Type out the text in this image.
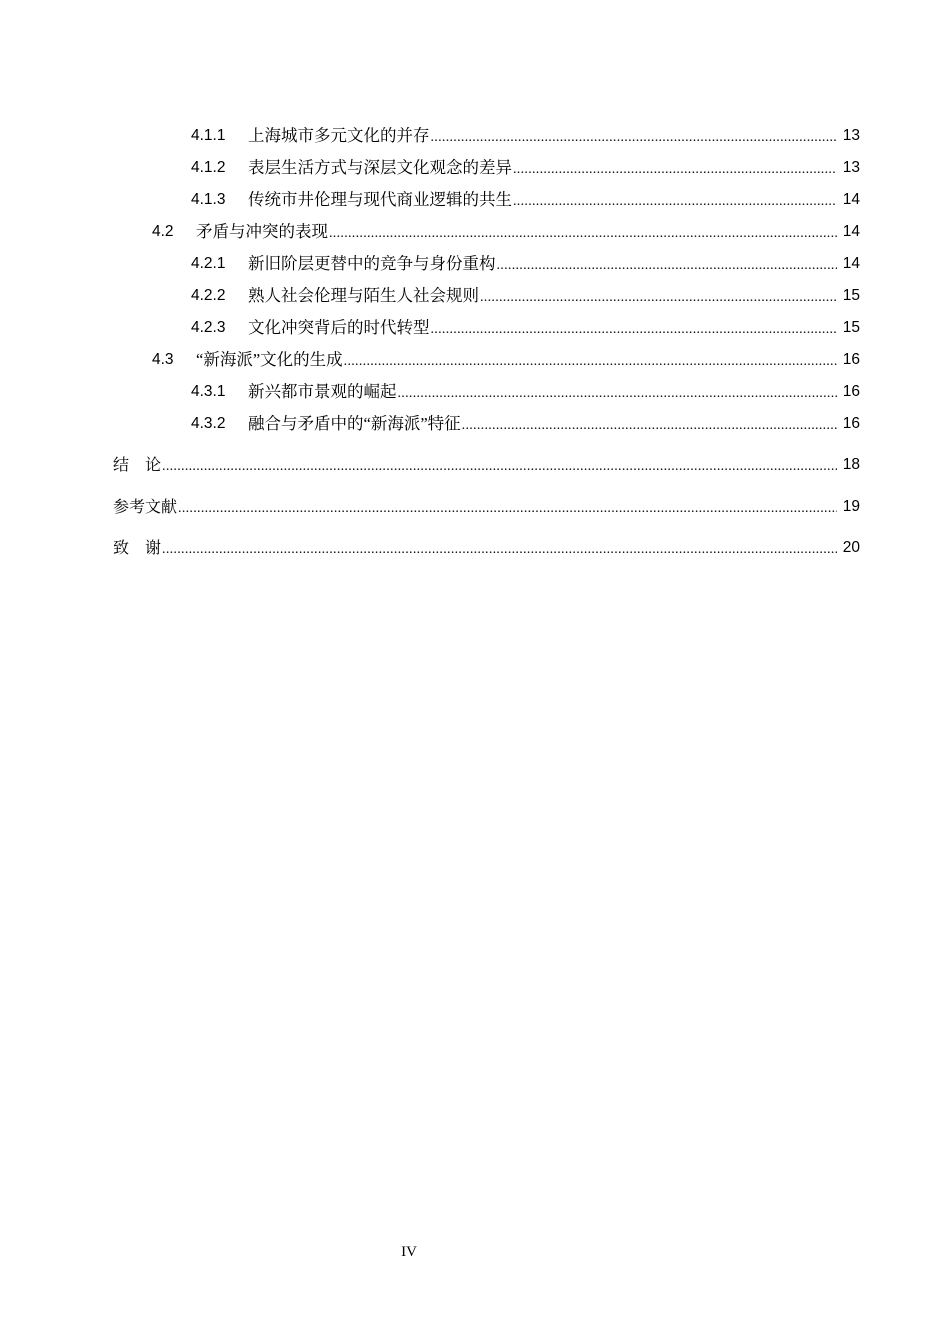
4.1.1	上海城市多元文化的并存 .....	13
4.1.2	表层生活方式与深层文化观念的差异 .....	13
4.1.3	传统市井伦理与现代商业逻辑的共生 .....	14
4.2	矛盾与冲突的表现 .....	14
4.2.1	新旧阶层更替中的竞争与身份重构 .....	14
4.2.2	熟人社会伦理与陌生人社会规则 .....	15
4.2.3	文化冲突背后的时代转型 .....	15
4.3	“新海派”文化的生成 .....	16
4.3.1	新兴都市景观的崛起 .....	16
4.3.2	融合与矛盾中的“新海派”特征 .....	16
结　论 .....	18
参考文献 .....	19
致　谢 .....	20
IV
